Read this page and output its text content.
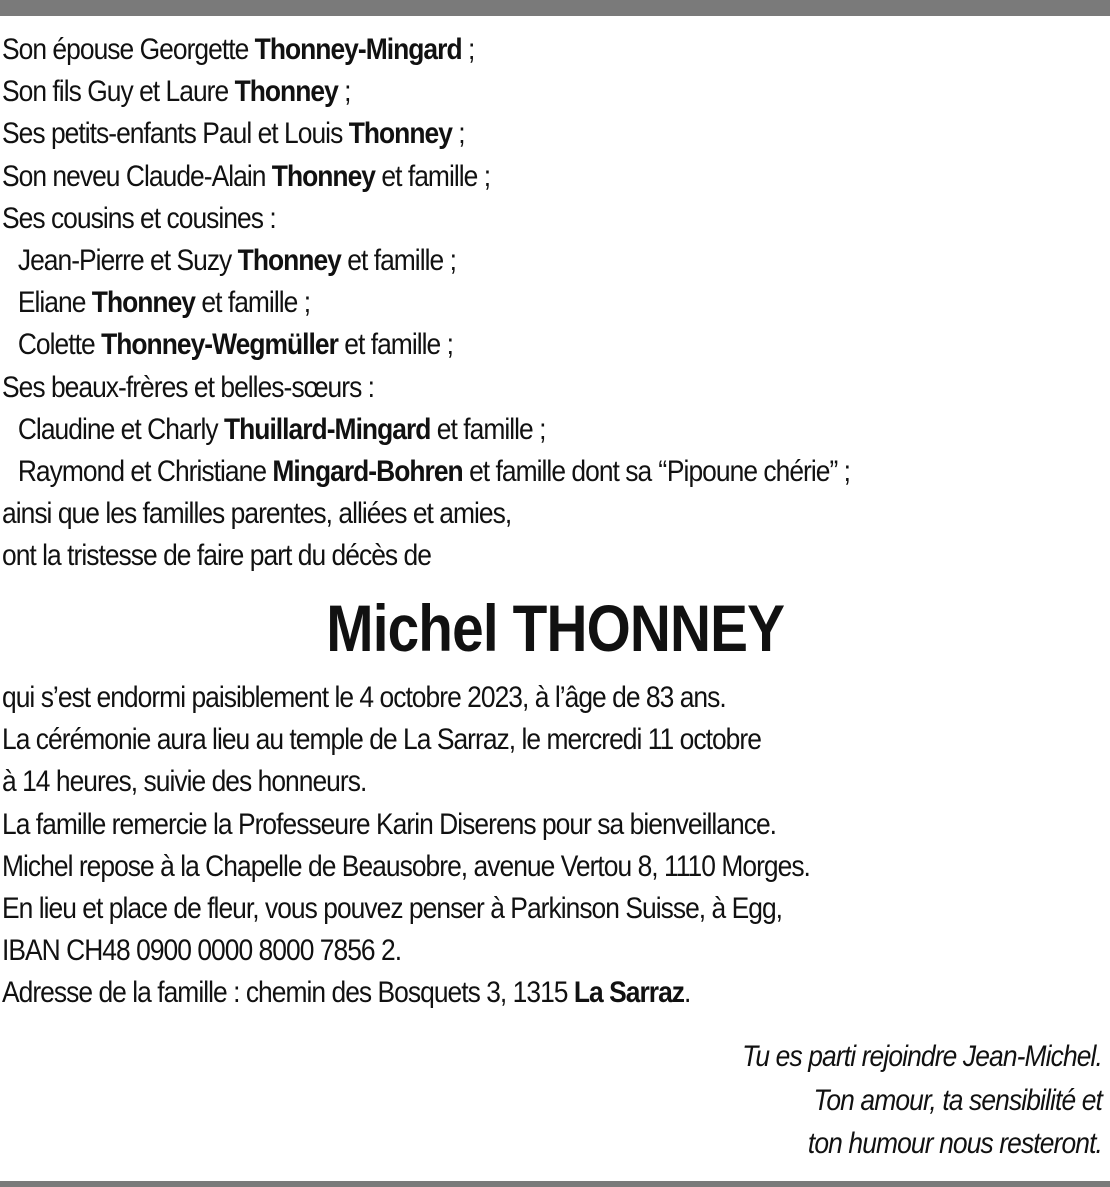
Son épouse Georgette Thonney-Mingard ;
Son fils Guy et Laure Thonney ;
Ses petits-enfants Paul et Louis Thonney ;
Son neveu Claude-Alain Thonney et famille ;
Ses cousins et cousines :
Jean-Pierre et Suzy Thonney et famille ;
Eliane Thonney et famille ;
Colette Thonney-Wegmüller et famille ;
Ses beaux-frères et belles-sœurs :
Claudine et Charly Thuillard-Mingard et famille ;
Raymond et Christiane Mingard-Bohren et famille dont sa ‘‘Pipoune chérie” ;
ainsi que les familles parentes, alliées et amies,
ont la tristesse de faire part du décès de
Michel THONNEY
qui s’est endormi paisiblement le 4 octobre 2023, à l’âge de 83 ans.
La cérémonie aura lieu au temple de La Sarraz, le mercredi 11 octobre
à 14 heures, suivie des honneurs.
La famille remercie la Professeure Karin Diserens pour sa bienveillance.
Michel repose à la Chapelle de Beausobre, avenue Vertou 8, 1110 Morges.
En lieu et place de fleur, vous pouvez penser à Parkinson Suisse, à Egg,
IBAN CH48 0900 0000 8000 7856 2.
Adresse de la famille : chemin des Bosquets 3, 1315 La Sarraz.
Tu es parti rejoindre Jean-Michel.
Ton amour, ta sensibilité et
ton humour nous resteront.
